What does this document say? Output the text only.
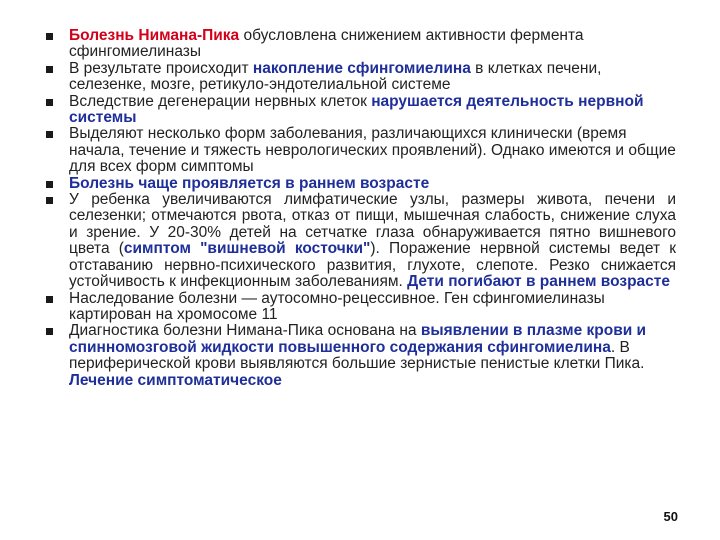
Болезнь Нимана-Пика обусловлена снижением активности фермента сфингомиелиназы
В результате происходит накопление сфингомиелина в клетках печени, селезенке, мозге, ретикуло-эндотелиальной системе
Вследствие дегенерации нервных клеток нарушается деятельность нервной системы
Выделяют несколько форм заболевания, различающихся клинически (время начала, течение и тяжесть неврологических проявлений). Однако имеются и общие для всех форм симптомы
Болезнь чаще проявляется в раннем возрасте
У ребенка увеличиваются лимфатические узлы, размеры живота, печени и селезенки; отмечаются рвота, отказ от пищи, мышечная слабость, снижение слуха и зрение. У 20-30% детей на сетчатке глаза обнаруживается пятно вишневого цвета (симптом "вишневой косточки"). Поражение нервной системы ведет к отставанию нервно-психического развития, глухоте, слепоте. Резко снижается устойчивость к инфекционным заболеваниям. Дети погибают в раннем возрасте
Наследование болезни — аутосомно-рецессивное. Ген сфингомиелиназы картирован на хромосоме 11
Диагностика болезни Нимана-Пика основана на выявлении в плазме крови и спинномозговой жидкости повышенного содержания сфингомиелина. В периферической крови выявляются большие зернистые пенистые клетки Пика. Лечение симптоматическое
50
